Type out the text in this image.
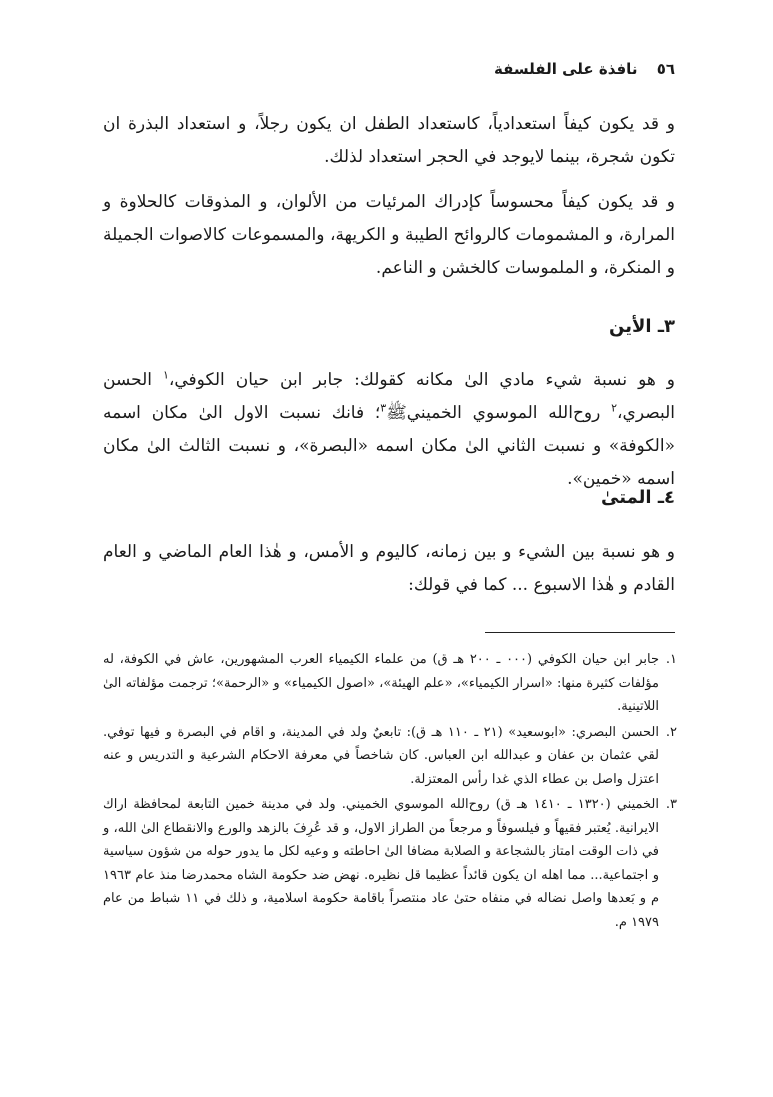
٥٦ نافذة على الفلسفة

و قد يكون كيفاً استعدادياً، كاستعداد الطفل ان يكون رجلاً، و استعداد البذرة ان تكون شجرة، بينما لايوجد في الحجر استعداد لذلك.

و قد يكون كيفاً محسوساً كإدراك المرئيات من الألوان، و المذوقات كالحلاوة و المرارة، و المشمومات كالروائح الطيبة و الكريهة، والمسموعات كالاصوات الجميلة و المنكرة، و الملموسات كالخشن و الناعم.

٣ـ الأين

و هو نسبة شيء مادي الىٰ مكانه كقولك: جابر ابن حيان الكوفي،$^١$ الحسن البصري،$^٢$ روح‌الله الموسوي الخمينيﷺ$^٣$؛ فانك نسبت الاول الىٰ مكان اسمه «الكوفة» و نسبت الثاني الىٰ مكان اسمه «البصرة»، و نسبت الثالث الىٰ مكان اسمه «خمين».

٤ـ المتىٰ

و هو نسبة بين الشيء و بين زمانه، كاليوم و الأمس، و هٰذا العام الماضي و العام القادم و هٰذا الاسبوع ... كما في قولك:

١.
جابر ابن حيان الكوفي (٠٠٠ ـ ٢٠٠ هـ ق) من علماء الكيمياء العرب المشهورين، عاش في الكوفة، له مؤلفات كثيرة منها: «اسرار الكيمياء»، «علم الهيئة»، «اصول الكيمياء» و «الرحمة»؛ ترجمت مؤلفاته الىٰ اللاتينية.
٢.
الحسن البصري: «ابوسعيد» (٢١ ـ ١١٠ هـ ق): تابعيٌ ولد في المدينة، و اقام في البصرة و فيها توفي. لقي عثمان بن عفان و عبدالله ابن العباس. كان شاخصاً في معرفة الاحكام الشرعية و التدريس و عنه اعتزل واصل بن عطاء الذي غدا رأس المعتزلة.
٣.
الخميني (١٣٢٠ ـ ١٤١٠ هـ ق) روح‌الله الموسوي الخميني. ولد في مدينة خمين التابعة لمحافظة اراك الايرانية. يُعتبر فقيهاً و فيلسوفاً و مرجعاً من الطراز الاول، و قد عُرِفَ بالزهد والورع والانقطاع الىٰ الله، و في ذات الوقت امتاز بالشجاعة و الصلابة مضافا الىٰ احاطته و وعيه لكل ما يدور حوله من شؤون سياسية و اجتماعية... مما اهله ان يكون قائداً عظيما قل نظيره. نهض ضد حكومة الشاه محمدرضا منذ عام ١٩٦٣ م و بَعدها واصل نضاله في منفاه حتىٰ عاد منتصراً باقامة حكومة اسلامية، و ذلك في ١١ شباط من عام ١٩٧٩ م.
